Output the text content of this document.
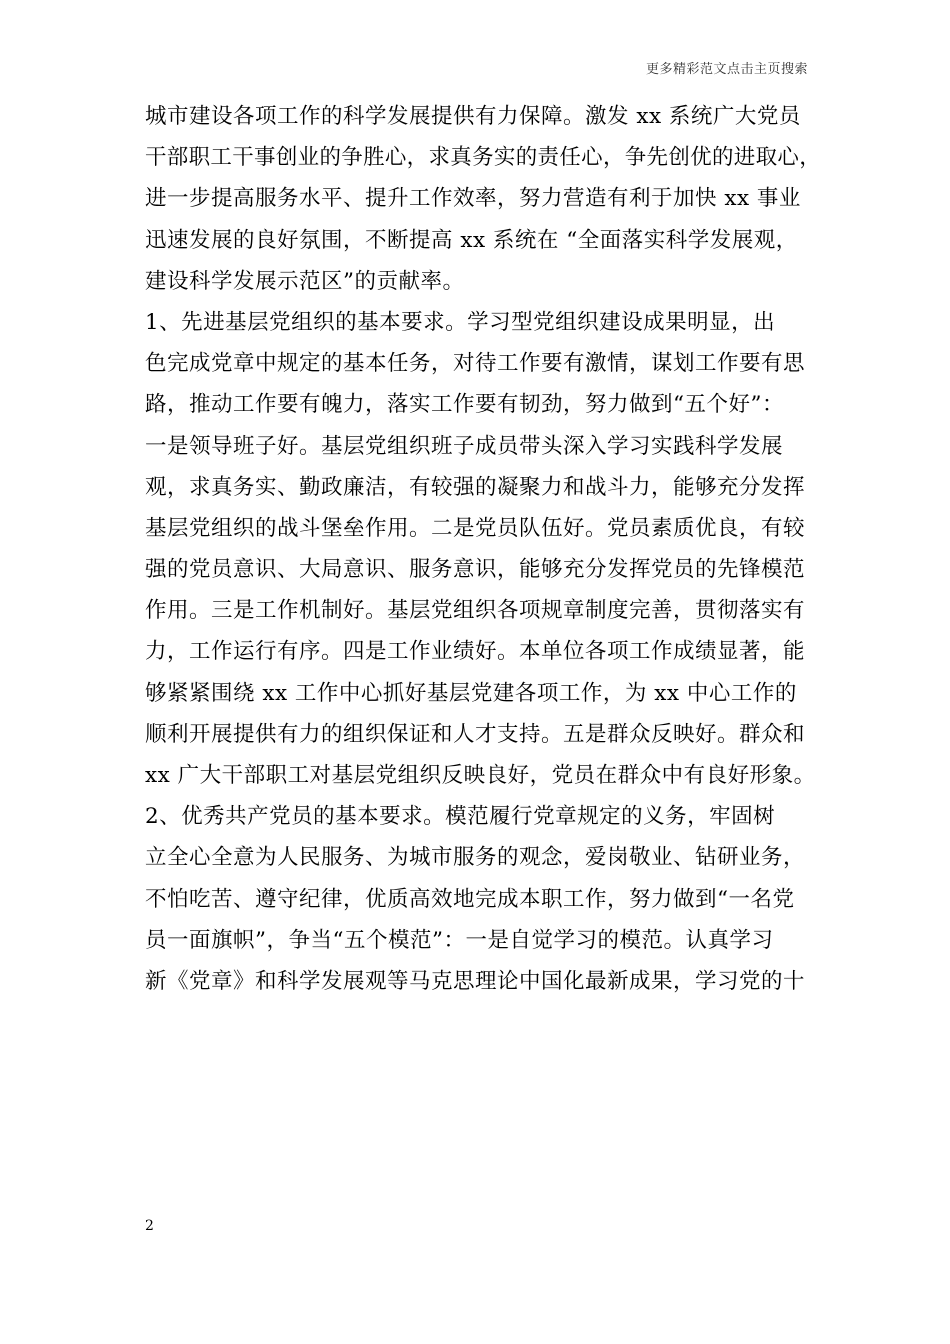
更多精彩范文点击主页搜索
城市建设各项工作的科学发展提供有力保障。激发 xx 系统广大党员
干部职工干事创业的争胜心，求真务实的责任心，争先创优的进取心，
进一步提高服务水平、提升工作效率，努力营造有利于加快 xx 事业
迅速发展的良好氛围，不断提高 xx 系统在 “全面落实科学发展观，
建设科学发展示范区”的贡献率。
1、先进基层党组织的基本要求。学习型党组织建设成果明显，出
色完成党章中规定的基本任务，对待工作要有激情，谋划工作要有思
路，推动工作要有魄力，落实工作要有韧劲，努力做到“五个好”：
一是领导班子好。基层党组织班子成员带头深入学习实践科学发展
观，求真务实、勤政廉洁，有较强的凝聚力和战斗力，能够充分发挥
基层党组织的战斗堡垒作用。二是党员队伍好。党员素质优良，有较
强的党员意识、大局意识、服务意识，能够充分发挥党员的先锋模范
作用。三是工作机制好。基层党组织各项规章制度完善，贯彻落实有
力，工作运行有序。四是工作业绩好。本单位各项工作成绩显著，能
够紧紧围绕 xx 工作中心抓好基层党建各项工作，为 xx 中心工作的
顺利开展提供有力的组织保证和人才支持。五是群众反映好。群众和
xx 广大干部职工对基层党组织反映良好，党员在群众中有良好形象。
2、优秀共产党员的基本要求。模范履行党章规定的义务，牢固树
立全心全意为人民服务、为城市服务的观念，爱岗敬业、钻研业务，
不怕吃苦、遵守纪律，优质高效地完成本职工作，努力做到“一名党
员一面旗帜”，争当“五个模范”：一是自觉学习的模范。认真学习
新《党章》和科学发展观等马克思理论中国化最新成果，学习党的十
2
